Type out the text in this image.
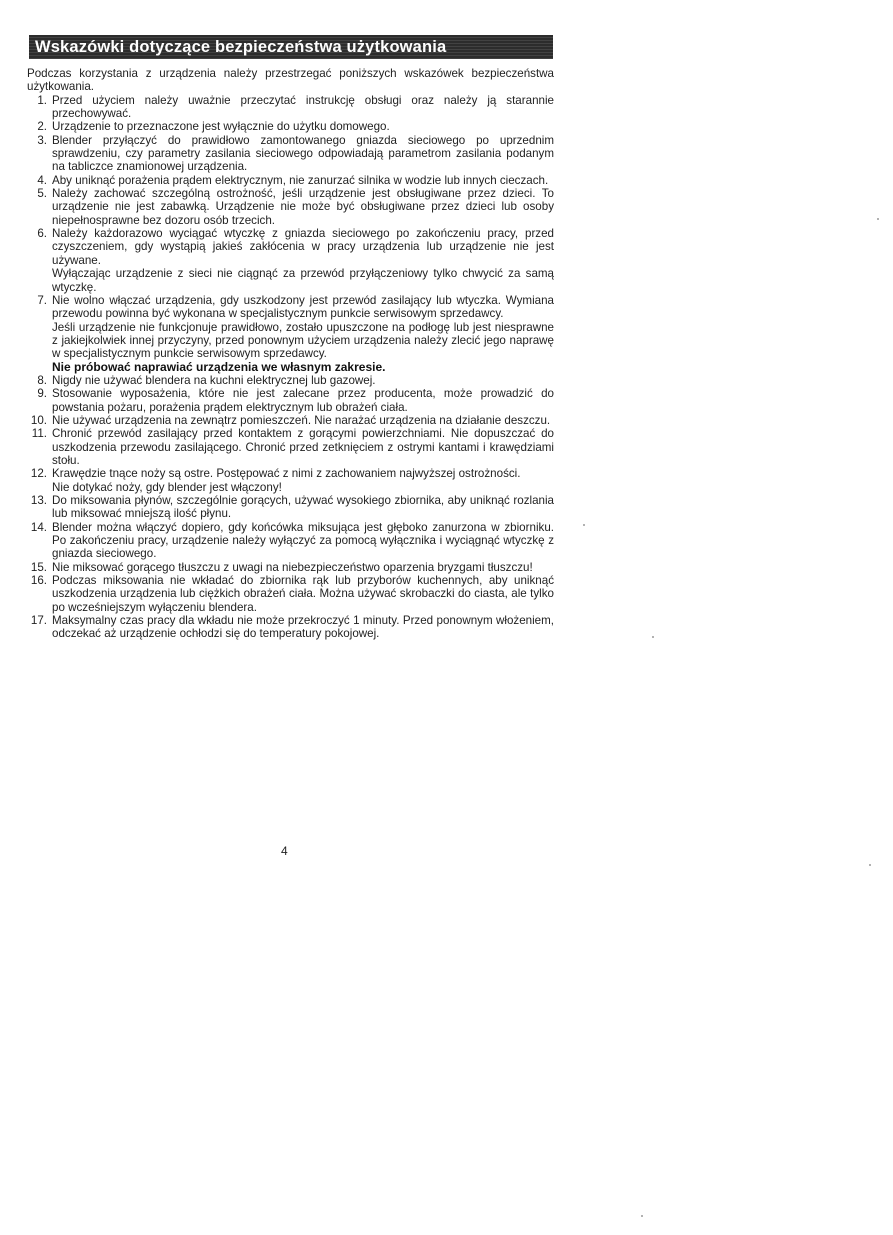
Wskazówki dotyczące bezpieczeństwa użytkowania
Podczas korzystania z urządzenia należy przestrzegać poniższych wskazówek bezpieczeństwa użytkowania.
1. Przed użyciem należy uważnie przeczytać instrukcję obsługi oraz należy ją starannie przechowywać.
2. Urządzenie to przeznaczone jest wyłącznie do użytku domowego.
3. Blender przyłączyć do prawidłowo zamontowanego gniazda sieciowego po uprzednim sprawdzeniu, czy parametry zasilania sieciowego odpowiadają parametrom zasilania podanym na tabliczce znamionowej urządzenia.
4. Aby uniknąć porażenia prądem elektrycznym, nie zanurzać silnika w wodzie lub innych cieczach.
5. Należy zachować szczególną ostrożność, jeśli urządzenie jest obsługiwane przez dzieci. To urządzenie nie jest zabawką. Urządzenie nie może być obsługiwane przez dzieci lub osoby niepełnosprawne bez dozoru osób trzecich.
6. Należy każdorazowo wyciągać wtyczkę z gniazda sieciowego po zakończeniu pracy, przed czyszczeniem, gdy wystąpią jakieś zakłócenia w pracy urządzenia lub urządzenie nie jest używane.
Wyłączając urządzenie z sieci nie ciągnąć za przewód przyłączeniowy tylko chwycić za samą wtyczkę.
7. Nie wolno włączać urządzenia, gdy uszkodzony jest przewód zasilający lub wtyczka. Wymiana przewodu powinna być wykonana w specjalistycznym punkcie serwisowym sprzedawcy.
Jeśli urządzenie nie funkcjonuje prawidłowo, zostało upuszczone na podłogę lub jest niesprawne z jakiejkolwiek innej przyczyny, przed ponownym użyciem urządzenia należy zlecić jego naprawę w specjalistycznym punkcie serwisowym sprzedawcy.
Nie próbować naprawiać urządzenia we własnym zakresie.
8. Nigdy nie używać blendera na kuchni elektrycznej lub gazowej.
9. Stosowanie wyposażenia, które nie jest zalecane przez producenta, może prowadzić do powstania pożaru, porażenia prądem elektrycznym lub obrażeń ciała.
10. Nie używać urządzenia na zewnątrz pomieszczeń. Nie narażać urządzenia na działanie deszczu.
11. Chronić przewód zasilający przed kontaktem z gorącymi powierzchniami. Nie dopuszczać do uszkodzenia przewodu zasilającego. Chronić przed zetknięciem z ostrymi kantami i krawędziami stołu.
12. Krawędzie tnące noży są ostre. Postępować z nimi z zachowaniem najwyższej ostrożności.
Nie dotykać noży, gdy blender jest włączony!
13. Do miksowania płynów, szczególnie gorących, używać wysokiego zbiornika, aby uniknąć rozlania lub miksować mniejszą ilość płynu.
14. Blender można włączyć dopiero, gdy końcówka miksująca jest głęboko zanurzona w zbiorniku. Po zakończeniu pracy, urządzenie należy wyłączyć za pomocą wyłącznika i wyciągnąć wtyczkę z gniazda sieciowego.
15. Nie miksować gorącego tłuszczu z uwagi na niebezpieczeństwo oparzenia bryzgami tłuszczu!
16. Podczas miksowania nie wkładać do zbiornika rąk lub przyborów kuchennych, aby uniknąć uszkodzenia urządzenia lub ciężkich obrażeń ciała. Można używać skrobaczki do ciasta, ale tylko po wcześniejszym wyłączeniu blendera.
17. Maksymalny czas pracy dla wkładu nie może przekroczyć 1 minuty. Przed ponownym włożeniem, odczekać aż urządzenie ochłodzi się do temperatury pokojowej.
4
